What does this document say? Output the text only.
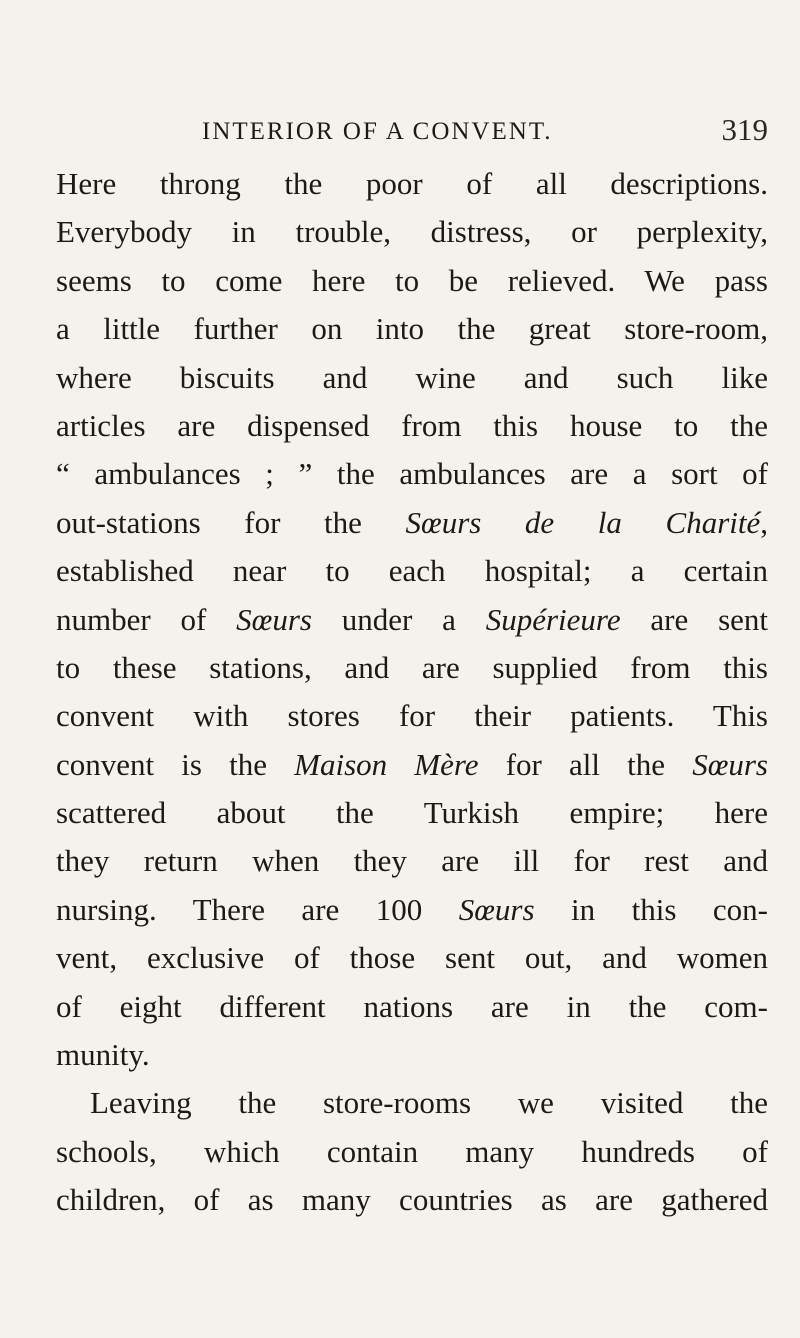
INTERIOR OF A CONVENT.	319
Here throng the poor of all descriptions.
Everybody in trouble, distress, or perplexity,
seems to come here to be relieved. We pass
a little further on into the great store-room,
where biscuits and wine and such like
articles are dispensed from this house to the
“ ambulances ; ” the ambulances are a sort of
out-stations for the Sœurs de la Charité,
established near to each hospital; a certain
number of Sœurs under a Supérieure are sent
to these stations, and are supplied from this
convent with stores for their patients. This
convent is the Maison Mère for all the Sœurs
scattered about the Turkish empire; here
they return when they are ill for rest and
nursing. There are 100 Sœurs in this con-
vent, exclusive of those sent out, and women
of eight different nations are in the com-
munity.
Leaving the store-rooms we visited the
schools, which contain many hundreds of
children, of as many countries as are gathered
